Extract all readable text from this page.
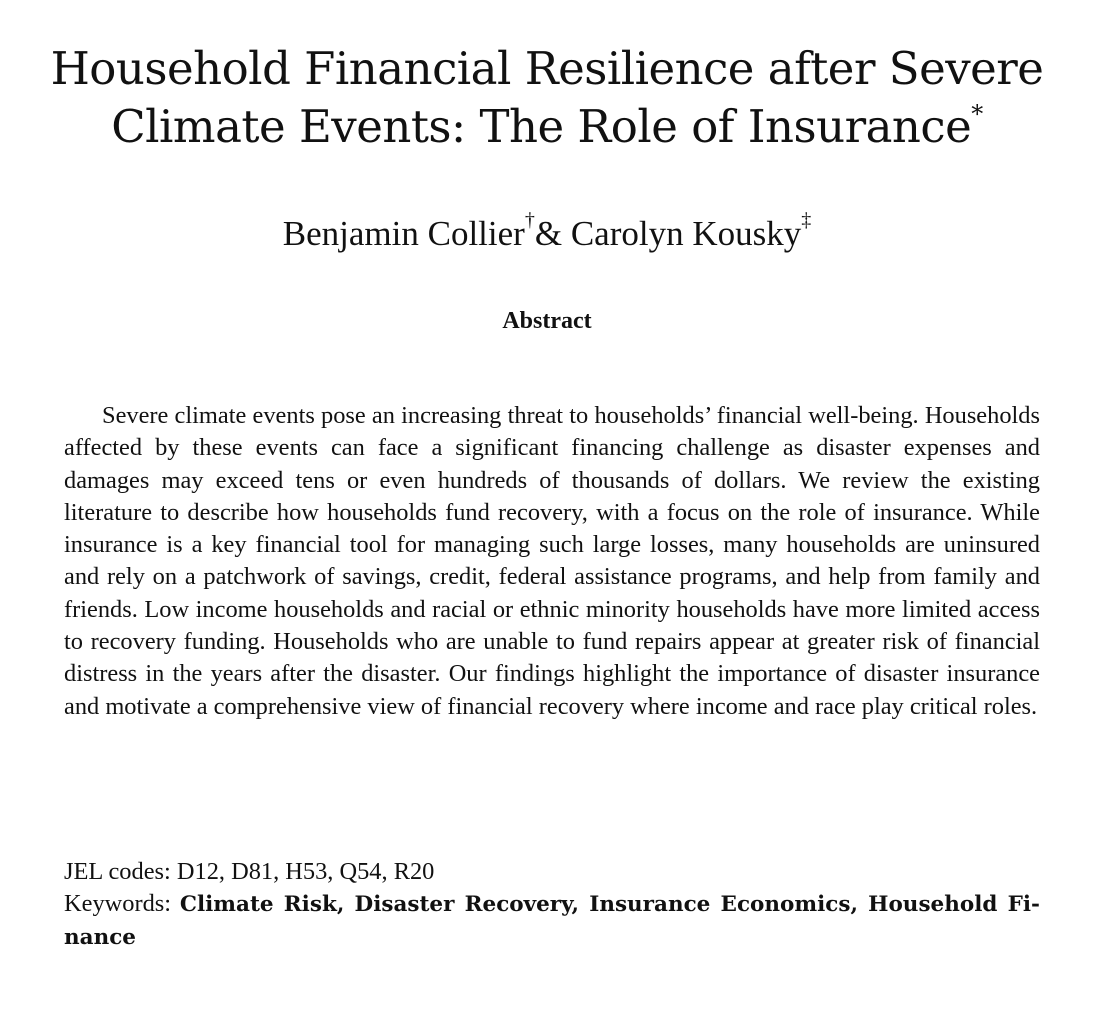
Household Financial Resilience after Severe Climate Events: The Role of Insurance*

Benjamin Collier†& Carolyn Kousky‡

Abstract

Severe climate events pose an increasing threat to households’ financial well-being. Households affected by these events can face a significant financing challenge as disaster expenses and damages may exceed tens or even hundreds of thousands of dollars. We review the existing literature to describe how households fund recovery, with a focus on the role of insurance. While insurance is a key financial tool for managing such large losses, many households are uninsured and rely on a patchwork of savings, credit, federal assistance programs, and help from family and friends. Low income households and racial or ethnic minority households have more limited access to recovery funding. Households who are unable to fund repairs appear at greater risk of financial distress in the years after the disaster. Our findings highlight the importance of disaster insurance and motivate a comprehensive view of financial recovery where income and race play critical roles.

JEL codes: D12, D81, H53, Q54, R20

Keywords: Climate Risk, Disaster Recovery, Insurance Economics, Household Finance
